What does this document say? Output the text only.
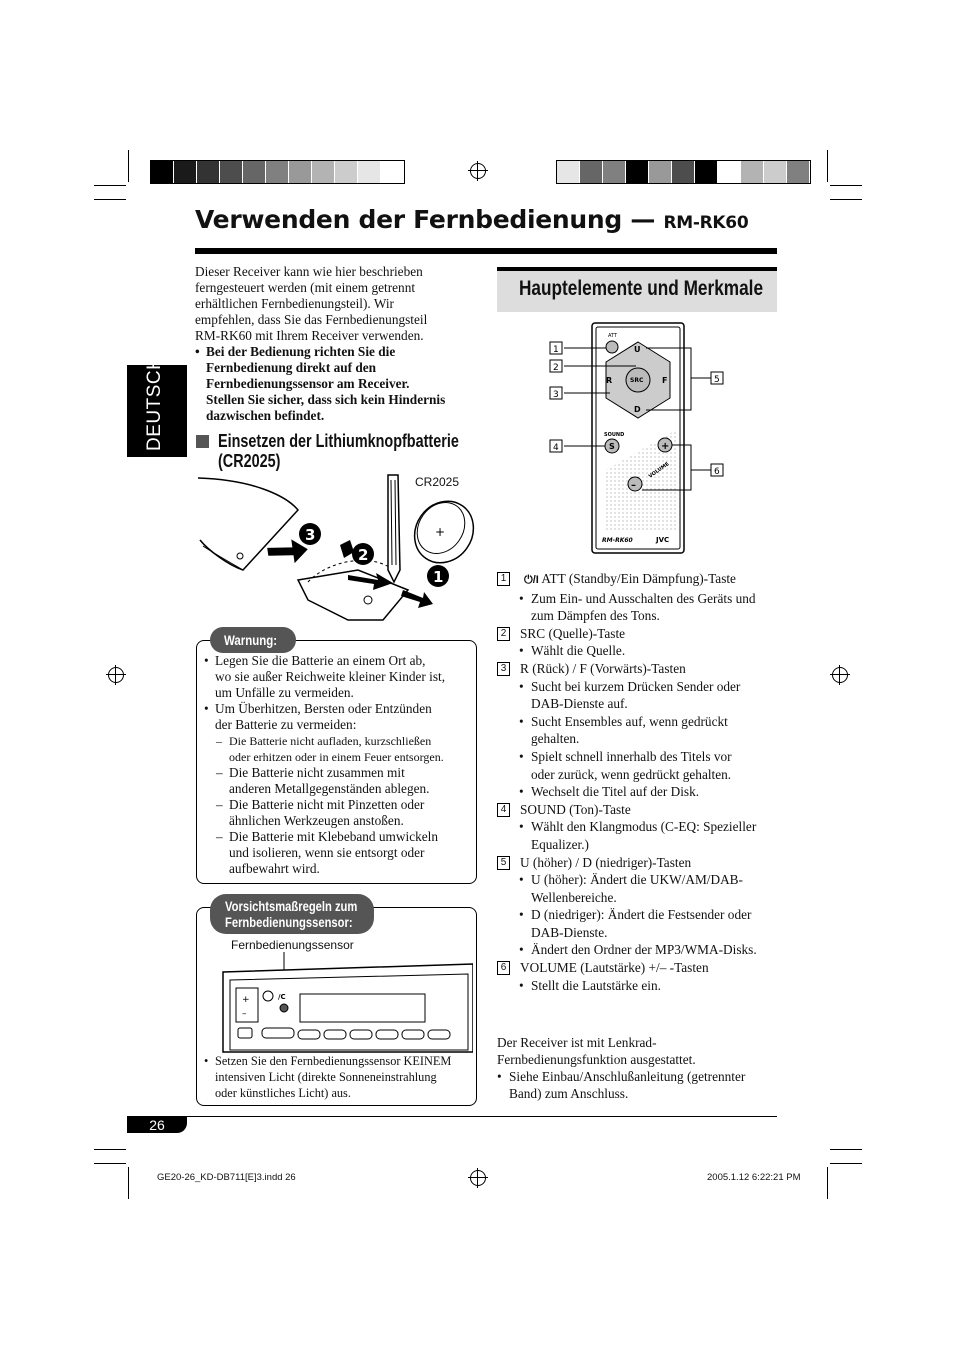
Verwenden der Fernbedienung — RM-RK60
DEUTSCH
Dieser Receiver kann wie hier beschrieben
ferngesteuert werden (mit einem getrennt
erhältlichen Fernbedienungsteil). Wir
empfehlen, dass Sie das Fernbedienungsteil
RM-RK60 mit Ihrem Receiver verwenden.
• Bei der Bedienung richten Sie die
Fernbedienung direkt auf den
Fernbedienungssensor am Receiver.
Stellen Sie sicher, dass sich kein Hindernis
dazwischen befindet.
Einsetzen der Lithiumknopfbatterie
(CR2025)
CR2025
3
2
1
+
Warnung:
• Legen Sie die Batterie an einem Ort ab,
wo sie außer Reichweite kleiner Kinder ist,
um Unfälle zu vermeiden.
• Um Überhitzen, Bersten oder Entzünden
der Batterie zu vermeiden:
– Die Batterie nicht aufladen, kurzschließen
oder erhitzen oder in einem Feuer entsorgen.
– Die Batterie nicht zusammen mit
anderen Metallgegenständen ablegen.
– Die Batterie nicht mit Pinzetten oder
ähnlichen Werkzeugen anstoßen.
– Die Batterie mit Klebeband umwickeln
und isolieren, wenn sie entsorgt oder
aufbewahrt wird.
Vorsichtsmaßregeln zum
Fernbedienungssensor:
Fernbedienungssensor
+
–
/C
• Setzen Sie den Fernbedienungssensor KEINEM
intensiven Licht (direkte Sonneneinstrahlung
oder künstliches Licht) aus.
Hauptelemente und Merkmale
ATT
U
R	SRC F
D
SOUND
S	+
–
VOLUME
RM-RK60	JVC
1
2
3
4
5
6
1	⏻/I ATT (Standby/Ein Dämpfung)-Taste
• Zum Ein- und Ausschalten des Geräts und
zum Dämpfen des Tons.
2 SRC (Quelle)-Taste
• Wählt die Quelle.
3 R (Rück) / F (Vorwärts)-Tasten
• Sucht bei kurzem Drücken Sender oder
DAB-Dienste auf.
• Sucht Ensembles auf, wenn gedrückt
gehalten.
• Spielt schnell innerhalb des Titels vor
oder zurück, wenn gedrückt gehalten.
• Wechselt die Titel auf der Disk.
4 SOUND (Ton)-Taste
• Wählt den Klangmodus (C-EQ: Spezieller
Equalizer.)
5 U (höher) / D (niedriger)-Tasten
• U (höher): Ändert die UKW/AM/DAB-
Wellenbereiche.
• D (niedriger): Ändert die Festsender oder
DAB-Dienste.
• Ändert den Ordner der MP3/WMA-Disks.
6 VOLUME (Lautstärke) +/– -Tasten
• Stellt die Lautstärke ein.
Der Receiver ist mit Lenkrad-
Fernbedienungsfunktion ausgestattet.
• Siehe Einbau/Anschlußanleitung (getrennter
Band) zum Anschluss.
26
GE20-26_KD-DB711[E]3.indd 26	2005.1.12 6:22:21 PM
